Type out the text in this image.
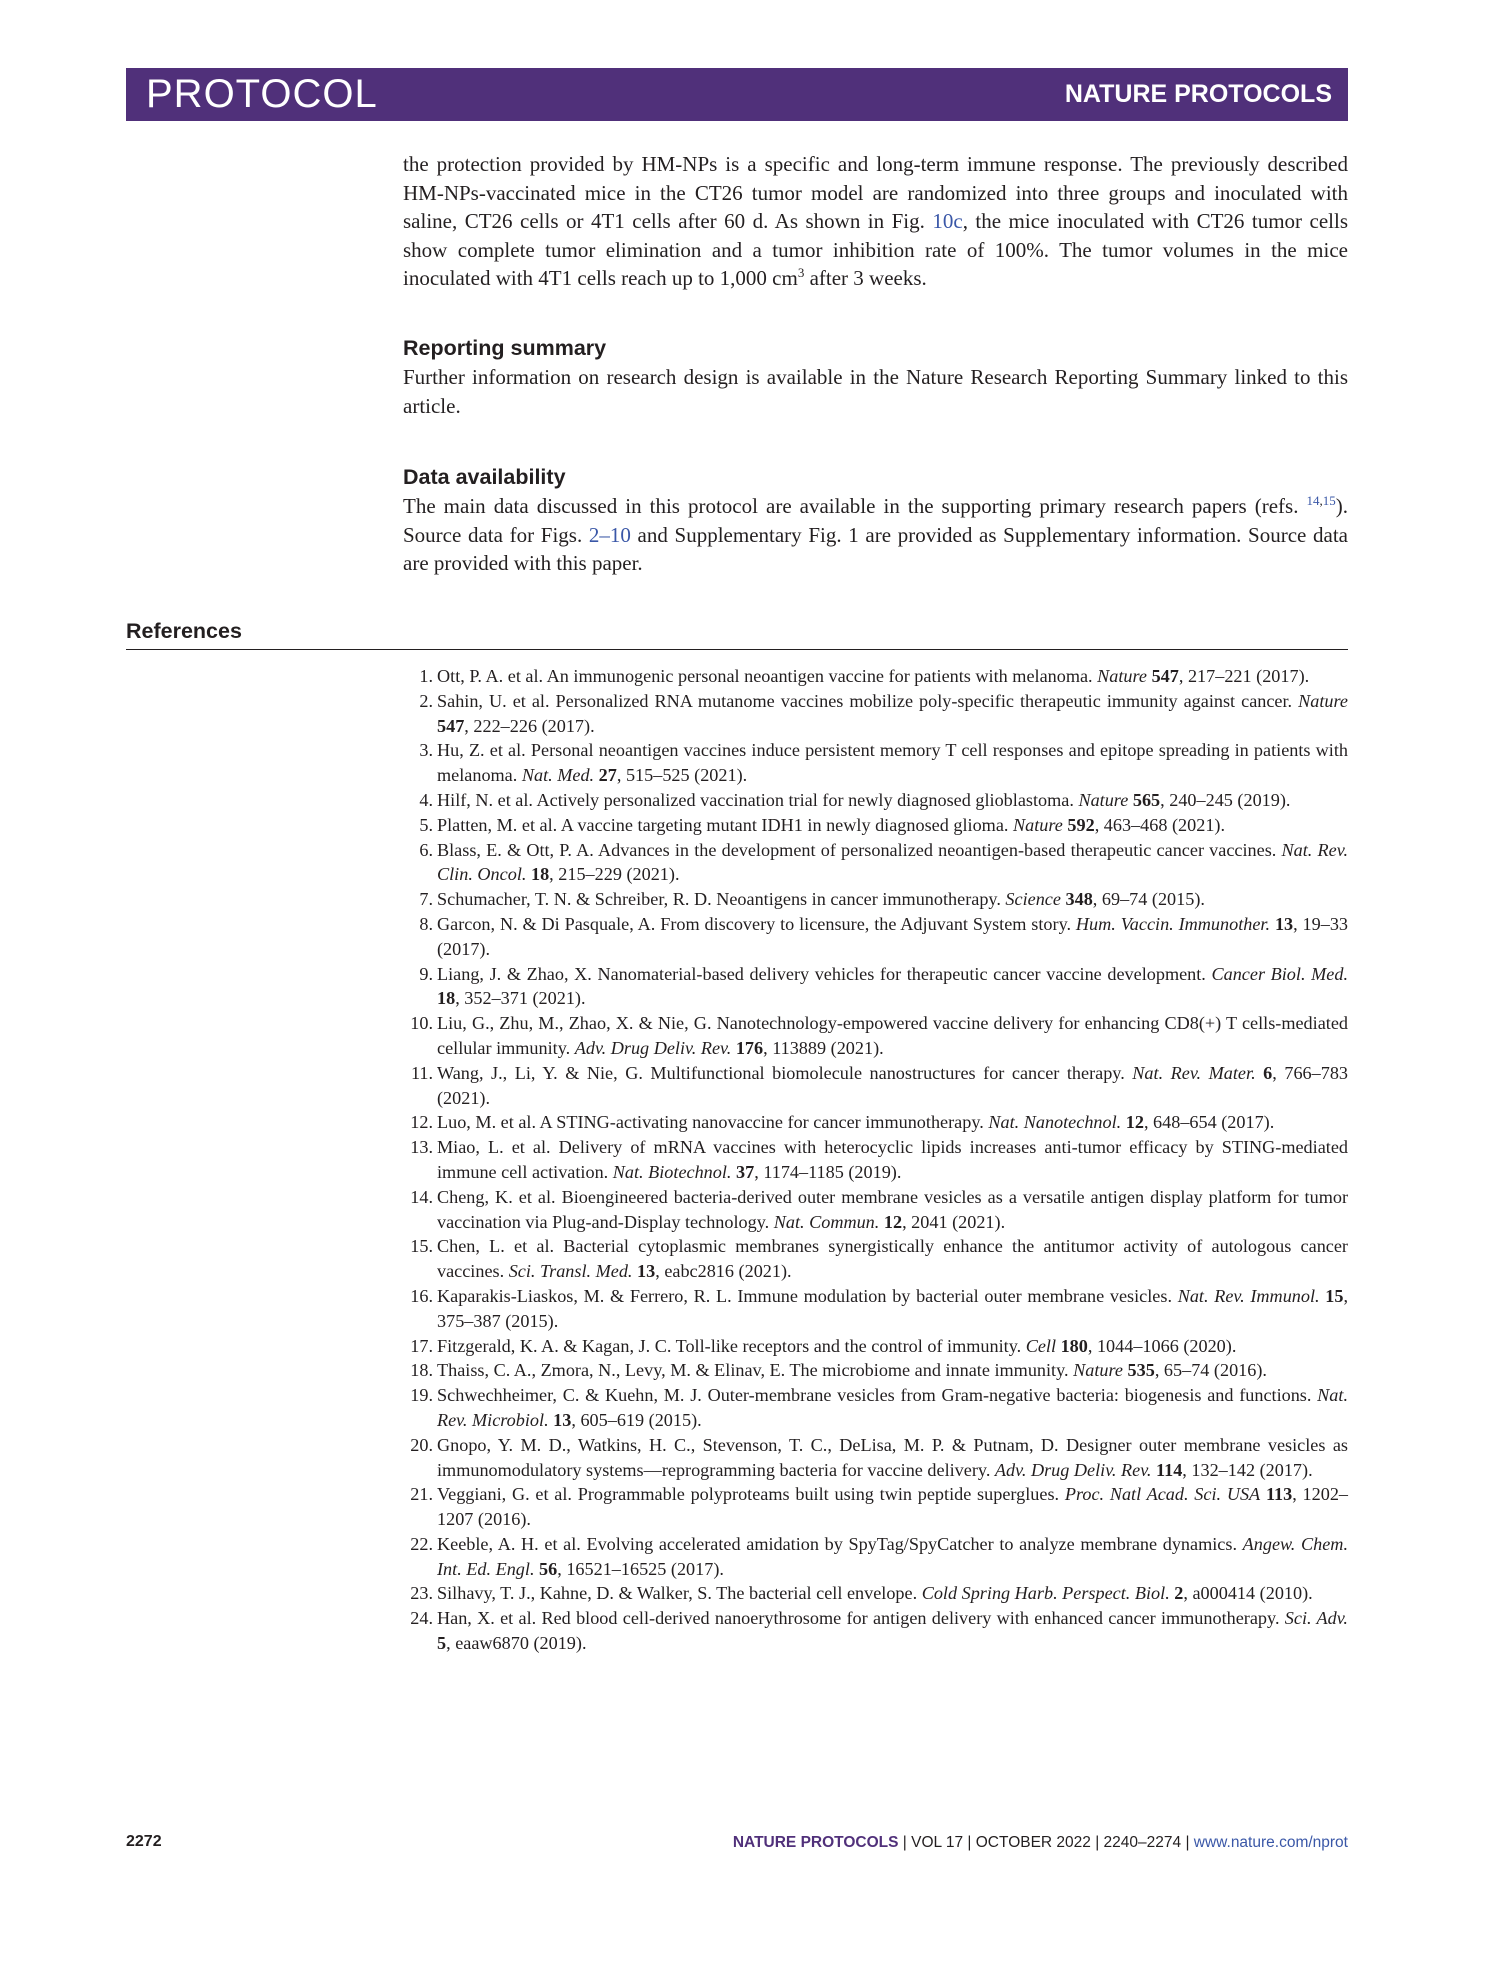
PROTOCOL	NATURE PROTOCOLS

the protection provided by HM-NPs is a specific and long-term immune response. The previously described HM-NPs-vaccinated mice in the CT26 tumor model are randomized into three groups and inoculated with saline, CT26 cells or 4T1 cells after 60 d. As shown in Fig. 10c, the mice inoculated with CT26 tumor cells show complete tumor elimination and a tumor inhibition rate of 100%. The tumor volumes in the mice inoculated with 4T1 cells reach up to 1,000 $cm^3$ after 3 weeks.

Reporting summary

Further information on research design is available in the Nature Research Reporting Summary linked to this article.

Data availability

The main data discussed in this protocol are available in the supporting primary research papers (refs. $^{14,15}$). Source data for Figs. 2–10 and Supplementary Fig. 1 are provided as Supplementary information. Source data are provided with this paper.

References
1 . Ott, P. A. et al. An immunogenic personal neoantigen vaccine for patients with melanoma. Nature 547, 217–221 (2017).
2 . Sahin, U. et al. Personalized RNA mutanome vaccines mobilize poly-specific therapeutic immunity against cancer. Nature 547, 222–226 (2017).
3 . Hu, Z. et al. Personal neoantigen vaccines induce persistent memory T cell responses and epitope spreading in patients with melanoma. Nat. Med. 27, 515–525 (2021).
4 . Hilf, N. et al. Actively personalized vaccination trial for newly diagnosed glioblastoma. Nature 565, 240–245 (2019).
5 . Platten, M. et al. A vaccine targeting mutant IDH1 in newly diagnosed glioma. Nature 592, 463–468 (2021).
6 . Blass, E. & Ott, P. A. Advances in the development of personalized neoantigen-based therapeutic cancer vaccines. Nat. Rev. Clin. Oncol. 18, 215–229 (2021).
7 . Schumacher, T. N. & Schreiber, R. D. Neoantigens in cancer immunotherapy. Science 348, 69–74 (2015).
8 . Garcon, N. & Di Pasquale, A. From discovery to licensure, the Adjuvant System story. Hum. Vaccin. Immunother. 13, 19–33 (2017).
9 . Liang, J. & Zhao, X. Nanomaterial-based delivery vehicles for therapeutic cancer vaccine development. Cancer Biol. Med. 18, 352–371 (2021).
10 . Liu, G., Zhu, M., Zhao, X. & Nie, G. Nanotechnology-empowered vaccine delivery for enhancing CD8(+) T cells-mediated cellular immunity. Adv. Drug Deliv. Rev. 176, 113889 (2021).
11 . Wang, J., Li, Y. & Nie, G. Multifunctional biomolecule nanostructures for cancer therapy. Nat. Rev. Mater. 6, 766–783 (2021).
12 . Luo, M. et al. A STING-activating nanovaccine for cancer immunotherapy. Nat. Nanotechnol. 12, 648–654 (2017).
13 . Miao, L. et al. Delivery of mRNA vaccines with heterocyclic lipids increases anti-tumor efficacy by STING-mediated immune cell activation. Nat. Biotechnol. 37, 1174–1185 (2019).
14 . Cheng, K. et al. Bioengineered bacteria-derived outer membrane vesicles as a versatile antigen display platform for tumor vaccination via Plug-and-Display technology. Nat. Commun. 12, 2041 (2021).
15 . Chen, L. et al. Bacterial cytoplasmic membranes synergistically enhance the antitumor activity of autologous cancer vaccines. Sci. Transl. Med. 13, eabc2816 (2021).
16 . Kaparakis-Liaskos, M. & Ferrero, R. L. Immune modulation by bacterial outer membrane vesicles. Nat. Rev. Immunol. 15, 375–387 (2015).
17 . Fitzgerald, K. A. & Kagan, J. C. Toll-like receptors and the control of immunity. Cell 180, 1044–1066 (2020).
18 . Thaiss, C. A., Zmora, N., Levy, M. & Elinav, E. The microbiome and innate immunity. Nature 535, 65–74 (2016).
19 . Schwechheimer, C. & Kuehn, M. J. Outer-membrane vesicles from Gram-negative bacteria: biogenesis and functions. Nat. Rev. Microbiol. 13, 605–619 (2015).
20 . Gnopo, Y. M. D., Watkins, H. C., Stevenson, T. C., DeLisa, M. P. & Putnam, D. Designer outer membrane vesicles as immunomodulatory systems—reprogramming bacteria for vaccine delivery. Adv. Drug Deliv. Rev. 114, 132–142 (2017).
21 . Veggiani, G. et al. Programmable polyproteams built using twin peptide superglues. Proc. Natl Acad. Sci. USA 113, 1202–1207 (2016).
22 . Keeble, A. H. et al. Evolving accelerated amidation by SpyTag/SpyCatcher to analyze membrane dynamics. Angew. Chem. Int. Ed. Engl. 56, 16521–16525 (2017).
23 . Silhavy, T. J., Kahne, D. & Walker, S. The bacterial cell envelope. Cold Spring Harb. Perspect. Biol. 2, a000414 (2010).
24 . Han, X. et al. Red blood cell-derived nanoerythrosome for antigen delivery with enhanced cancer immunotherapy. Sci. Adv. 5, eaaw6870 (2019).
2272	NATURE PROTOCOLS | VOL 17 | OCTOBER 2022 | 2240–2274 | www.nature.com/nprot
